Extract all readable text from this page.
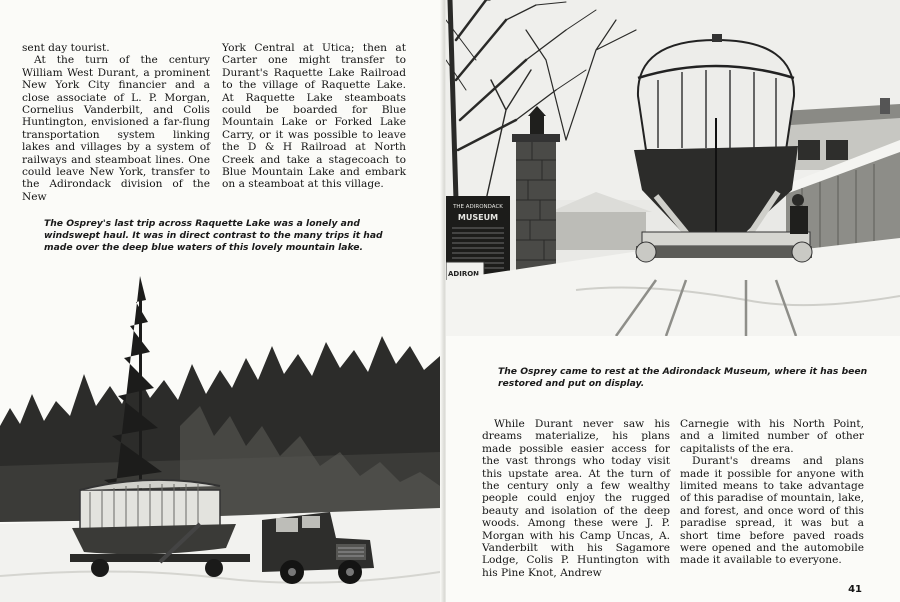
sent day tourist.

At the turn of the century William West Durant, a prominent New York City financier and a close associate of L. P. Morgan, Cornelius Vanderbilt, and Colis Huntington, envisioned a far-flung transportation system linking lakes and villages by a system of railways and steamboat lines. One could leave New York, transfer to the Adirondack division of the New

York Central at Utica; then at Carter one might transfer to Durant's Raquette Lake Railroad to the village of Raquette Lake. At Raquette Lake steamboats could be boarded for Blue Mountain Lake or Forked Lake Carry, or it was possible to leave the D & H Railroad at North Creek and take a stagecoach to Blue Mountain Lake and embark on a steamboat at this village.

The Osprey's last trip across Raquette Lake was a lonely and windswept haul. It was in direct contrast to the many trips it had made over the deep blue waters of this lovely mountain lake.
THE ADIRONDACK
MUSEUM
ADIRON
The Osprey came to rest at the Adirondack Museum, where it has been restored and put on display.

While Durant never saw his dreams materialize, his plans made possible easier access for the vast throngs who today visit this upstate area. At the turn of the century only a few wealthy people could enjoy the rugged beauty and isolation of the deep woods. Among these were J. P. Morgan with his Camp Uncas, A. Vanderbilt with his Sagamore Lodge, Colis P. Huntington with his Pine Knot, Andrew

Carnegie with his North Point, and a limited number of other capitalists of the era.

Durant's dreams and plans made it possible for anyone with limited means to take advantage of this paradise of mountain, lake, and forest, and once word of this paradise spread, it was but a short time before paved roads were opened and the automobile made it available to everyone.

41
